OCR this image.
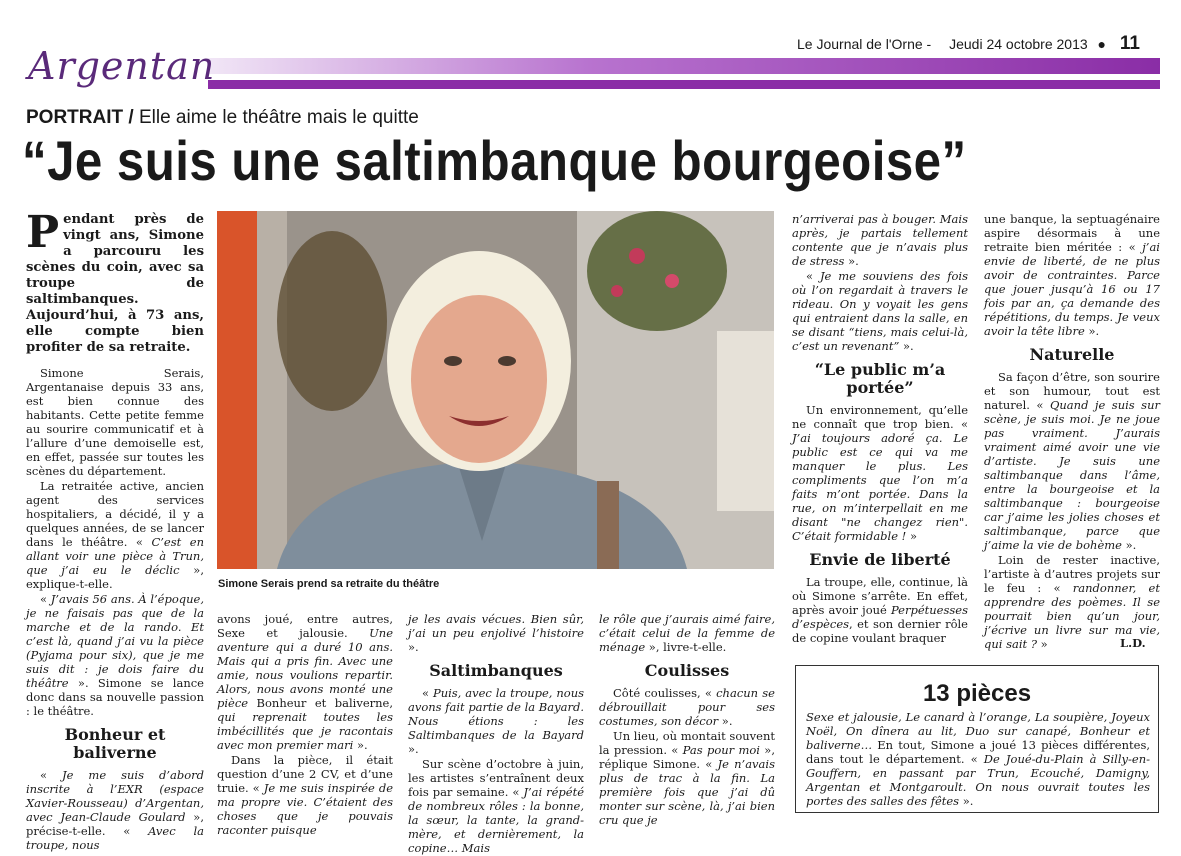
Le Journal de l'Orne - Jeudi 24 octobre 2013 ● 11
Argentan
PORTRAIT / Elle aime le théâtre mais le quitte
“Je suis une saltimbanque bourgeoise”
Pendant près de vingt ans, Simone a parcouru les scènes du coin, avec sa troupe de saltimbanques. Aujourd’hui, à 73 ans, elle compte bien profiter de sa retraite.

Simone Serais, Argentanaise depuis 33 ans, est bien connue des habitants. Cette petite femme au sourire communicatif et à l’allure d’une demoiselle est, en effet, passée sur toutes les scènes du département.

La retraitée active, ancien agent des services hospitaliers, a décidé, il y a quelques années, de se lancer dans le théâtre. « C’est en allant voir une pièce à Trun, que j’ai eu le déclic », explique-t-elle.

« J’avais 56 ans. À l’époque, je ne faisais pas que de la marche et de la rando. Et c’est là, quand j’ai vu la pièce (Pyjama pour six), que je me suis dit : je dois faire du théâtre ». Simone se lance donc dans sa nouvelle passion : le théâtre.

Bonheur et baliverne

« Je me suis d’abord inscrite à l’EXR (espace Xavier-Rousseau) d’Argentan, avec Jean-Claude Goulard », précise-t-elle. « Avec la troupe, nous

Simone Serais prend sa retraite du théâtre

avons joué, entre autres, Sexe et jalousie. Une aventure qui a duré 10 ans. Mais qui a pris fin. Avec une amie, nous voulions repartir. Alors, nous avons monté une pièce Bonheur et baliverne, qui reprenait toutes les imbécillités que je racontais avec mon premier mari ».

Dans la pièce, il était question d’une 2 CV, et d’une truie. « Je me suis inspirée de ma propre vie. C’étaient des choses que je pouvais raconter puisque

je les avais vécues. Bien sûr, j’ai un peu enjolivé l’histoire ».

Saltimbanques

« Puis, avec la troupe, nous avons fait partie de la Bayard. Nous étions : les Saltimbanques de la Bayard ».

Sur scène d’octobre à juin, les artistes s’entraînent deux fois par semaine. « J’ai répété de nombreux rôles : la bonne, la sœur, la tante, la grand-mère, et dernièrement, la copine… Mais

le rôle que j’aurais aimé faire, c’était celui de la femme de ménage », livre-t-elle.

Coulisses

Côté coulisses, « chacun se débrouillait pour ses costumes, son décor ».

Un lieu, où montait souvent la pression. « Pas pour moi », réplique Simone. « Je n’avais plus de trac à la fin. La première fois que j’ai dû monter sur scène, là, j’ai bien cru que je

n’arriverai pas à bouger. Mais après, je partais tellement contente que je n’avais plus de stress ».

« Je me souviens des fois où l’on regardait à travers le rideau. On y voyait les gens qui entraient dans la salle, en se disant “tiens, mais celui-là, c’est un revenant” ».

“Le public m’a portée”

Un environnement, qu’elle ne connaît que trop bien. « J’ai toujours adoré ça. Le public est ce qui va me manquer le plus. Les compliments que l’on m’a faits m’ont portée. Dans la rue, on m’interpellait en me disant "ne changez rien". C’était formidable ! »

Envie de liberté

La troupe, elle, continue, là où Simone s’arrête. En effet, après avoir joué Perpétuesses d’espèces, et son dernier rôle de copine voulant braquer

une banque, la septuagénaire aspire désormais à une retraite bien méritée : « j’ai envie de liberté, de ne plus avoir de contraintes. Parce que jouer jusqu’à 16 ou 17 fois par an, ça demande des répétitions, du temps. Je veux avoir la tête libre ».

Naturelle

Sa façon d’être, son sourire et son humour, tout est naturel. « Quand je suis sur scène, je suis moi. Je ne joue pas vraiment. J’aurais vraiment aimé avoir une vie d’artiste. Je suis une saltimbanque dans l’âme, entre la bourgeoise et la saltimbanque : bourgeoise car j’aime les jolies choses et saltimbanque, parce que j’aime la vie de bohème ».

Loin de rester inactive, l’artiste à d’autres projets sur le feu : « randonner, et apprendre des poèmes. Il se pourrait bien qu’un jour, j’écrive un livre sur ma vie, qui sait ? »	L.D.
13 pièces
Sexe et jalousie, Le canard à l’orange, La soupière, Joyeux Noël, On dînera au lit, Duo sur canapé, Bonheur et baliverne… En tout, Simone a joué 13 pièces différentes, dans tout le département. « De Joué-du-Plain à Silly-en-Gouffern, en passant par Trun, Ecouché, Damigny, Argentan et Montgaroult. On nous ouvrait toutes les portes des salles des fêtes ».
